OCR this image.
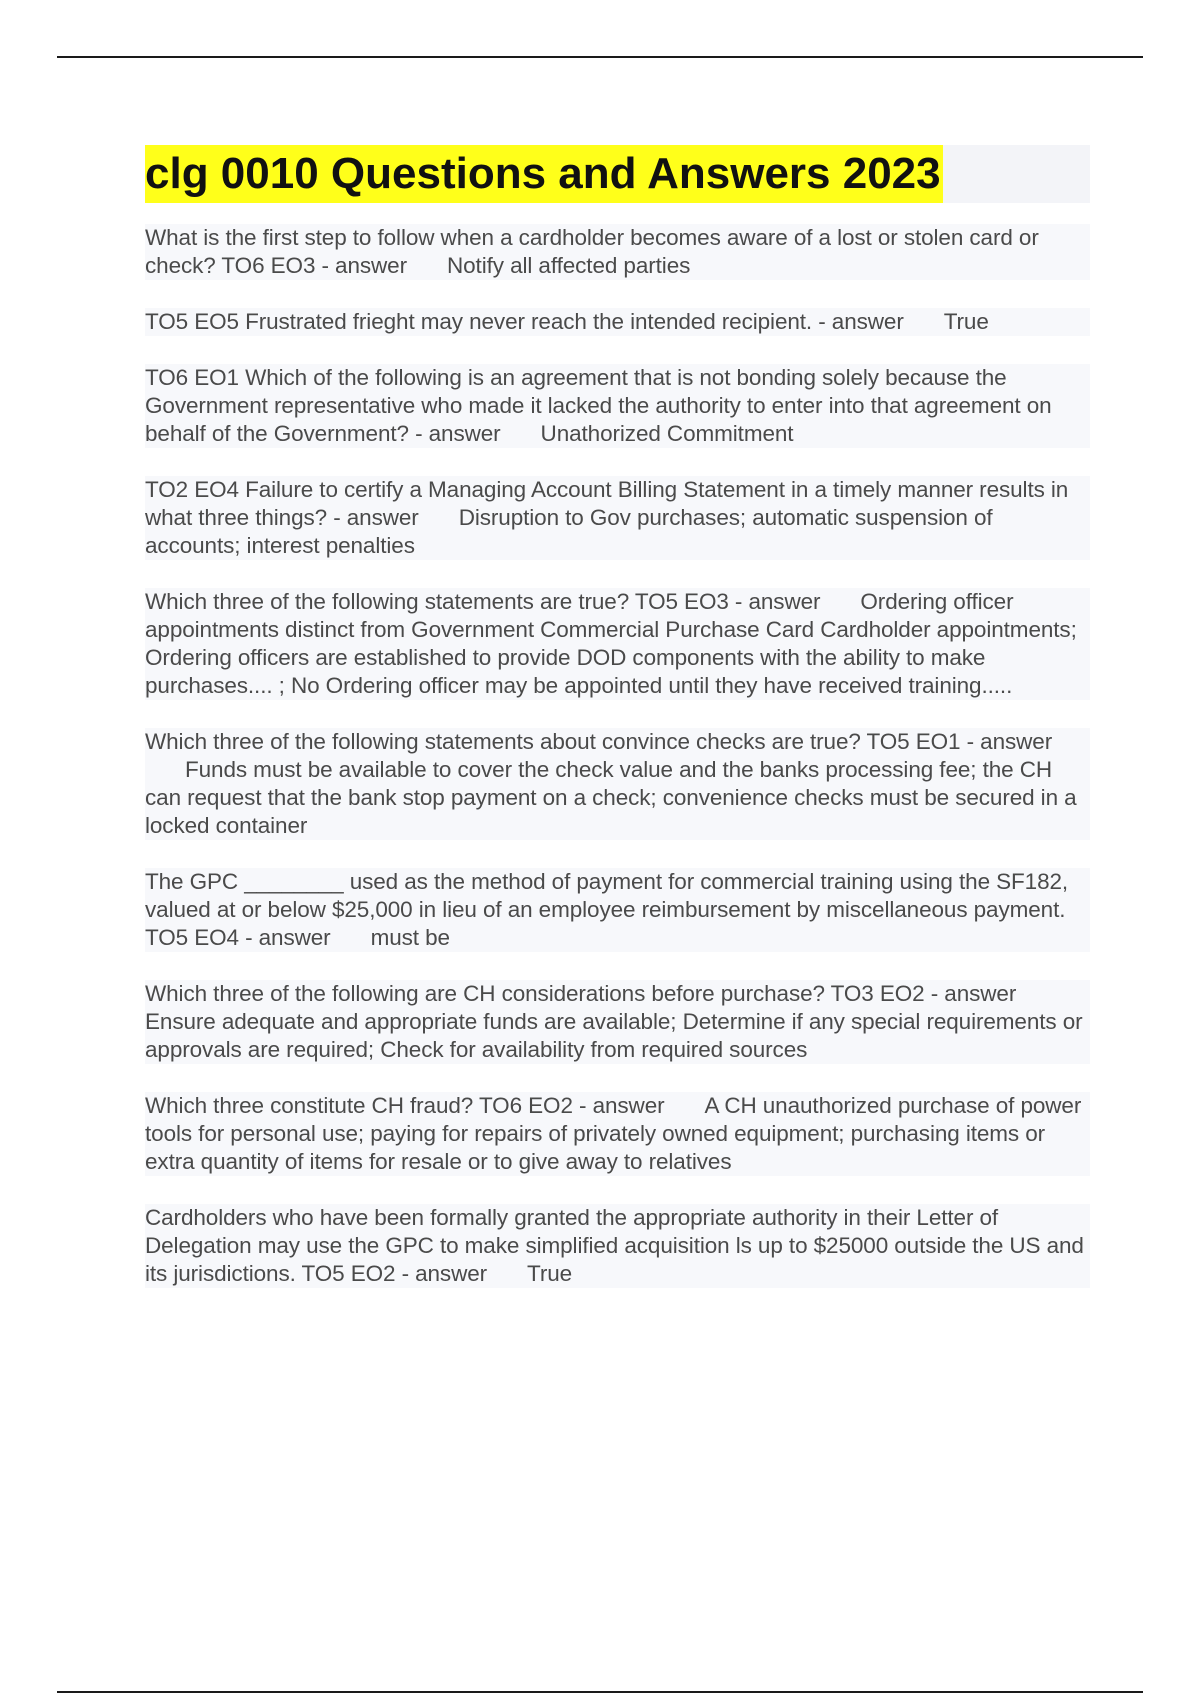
clg 0010 Questions and Answers 2023

What is the first step to follow when a cardholder becomes aware of a lost or stolen card or check? TO6 EO3 - answer Notify all affected parties

TO5 EO5 Frustrated frieght may never reach the intended recipient. - answer True

TO6 EO1 Which of the following is an agreement that is not bonding solely because the Government representative who made it lacked the authority to enter into that agreement on behalf of the Government? - answer Unathorized Commitment

TO2 EO4 Failure to certify a Managing Account Billing Statement in a timely manner results in what three things? - answer Disruption to Gov purchases; automatic suspension of accounts; interest penalties

Which three of the following statements are true? TO5 EO3 - answer Ordering officer appointments distinct from Government Commercial Purchase Card Cardholder appointments; Ordering officers are established to provide DOD components with the ability to make purchases.... ; No Ordering officer may be appointed until they have received training.....

Which three of the following statements about convince checks are true? TO5 EO1 - answerFunds must be available to cover the check value and the banks processing fee; the CH can request that the bank stop payment on a check; convenience checks must be secured in a locked container

The GPC ________ used as the method of payment for commercial training using the SF182, valued at or below $25,000 in lieu of an employee reimbursement by miscellaneous payment. TO5 EO4 - answer must be

Which three of the following are CH considerations before purchase? TO3 EO2 - answerEnsure adequate and appropriate funds are available; Determine if any special requirements or approvals are required; Check for availability from required sources

Which three constitute CH fraud? TO6 EO2 - answer A CH unauthorized purchase of power tools for personal use; paying for repairs of privately owned equipment; purchasing items or extra quantity of items for resale or to give away to relatives

Cardholders who have been formally granted the appropriate authority in their Letter of Delegation may use the GPC to make simplified acquisition ls up to $25000 outside the US and its jurisdictions. TO5 EO2 - answer True
